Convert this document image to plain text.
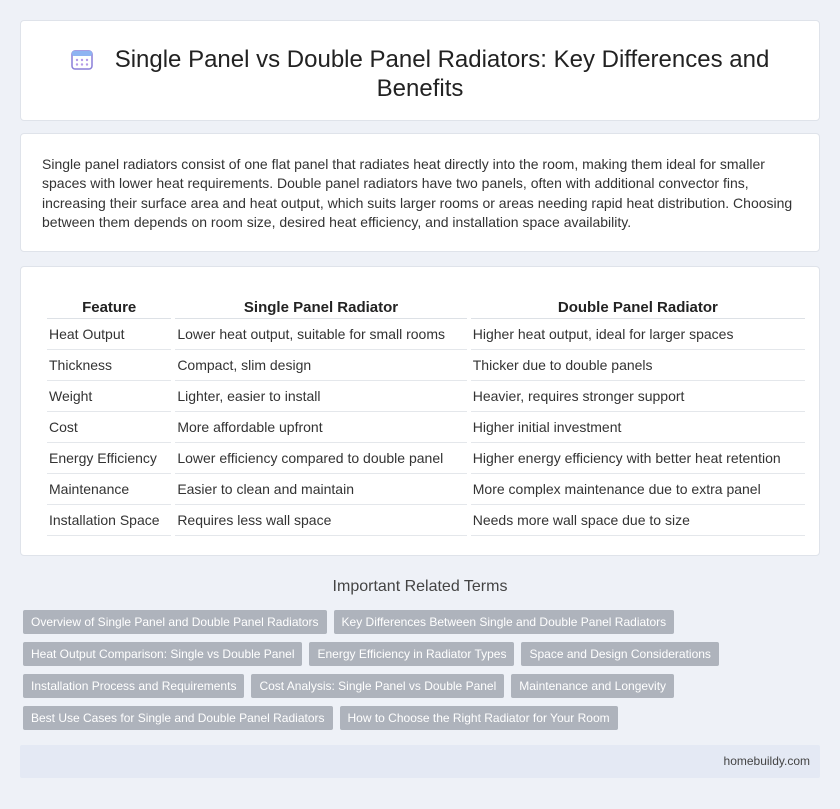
Single Panel vs Double Panel Radiators: Key Differences and Benefits

Single panel radiators consist of one flat panel that radiates heat directly into the room, making them ideal for smaller spaces with lower heat requirements. Double panel radiators have two panels, often with additional convector fins, increasing their surface area and heat output, which suits larger rooms or areas needing rapid heat distribution. Choosing between them depends on room size, desired heat efficiency, and installation space availability.

Feature	Single Panel Radiator	Double Panel Radiator
Heat Output	Lower heat output, suitable for small rooms	Higher heat output, ideal for larger spaces
Thickness	Compact, slim design	Thicker due to double panels
Weight	Lighter, easier to install	Heavier, requires stronger support
Cost	More affordable upfront	Higher initial investment
Energy Efficiency	Lower efficiency compared to double panel	Higher energy efficiency with better heat retention
Maintenance	Easier to clean and maintain	More complex maintenance due to extra panel
Installation Space	Requires less wall space	Needs more wall space due to size
Important Related Terms
Overview of Single Panel and Double Panel Radiators	Key Differences Between Single and Double Panel Radiators
Heat Output Comparison: Single vs Double Panel	Energy Efficiency in Radiator Types	Space and Design Considerations
Installation Process and Requirements	Cost Analysis: Single Panel vs Double Panel	Maintenance and Longevity
Best Use Cases for Single and Double Panel Radiators	How to Choose the Right Radiator for Your Room
homebuildy.com
